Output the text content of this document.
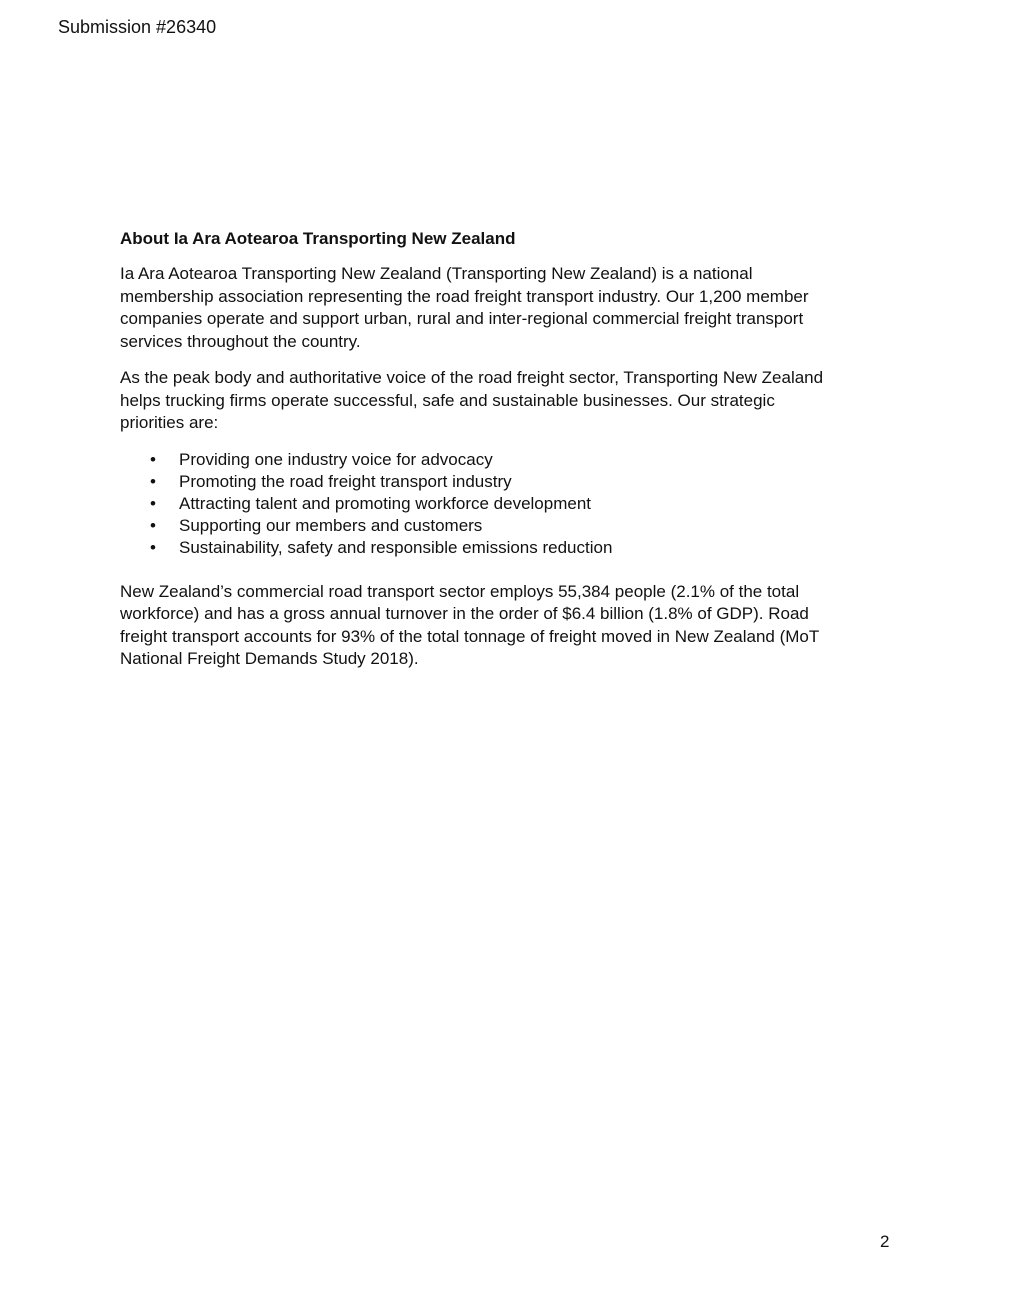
Submission #26340
About Ia Ara Aotearoa Transporting New Zealand
Ia Ara Aotearoa Transporting New Zealand (Transporting New Zealand) is a national
membership association representing the road freight transport industry. Our 1,200 member
companies operate and support urban, rural and inter-regional commercial freight transport
services throughout the country.
As the peak body and authoritative voice of the road freight sector, Transporting New Zealand
helps trucking firms operate successful, safe and sustainable businesses. Our strategic
priorities are:
• Providing one industry voice for advocacy
• Promoting the road freight transport industry
• Attracting talent and promoting workforce development
• Supporting our members and customers
• Sustainability, safety and responsible emissions reduction
New Zealand’s commercial road transport sector employs 55,384 people (2.1% of the total
workforce) and has a gross annual turnover in the order of $6.4 billion (1.8% of GDP). Road
freight transport accounts for 93% of the total tonnage of freight moved in New Zealand (MoT
National Freight Demands Study 2018).
2
